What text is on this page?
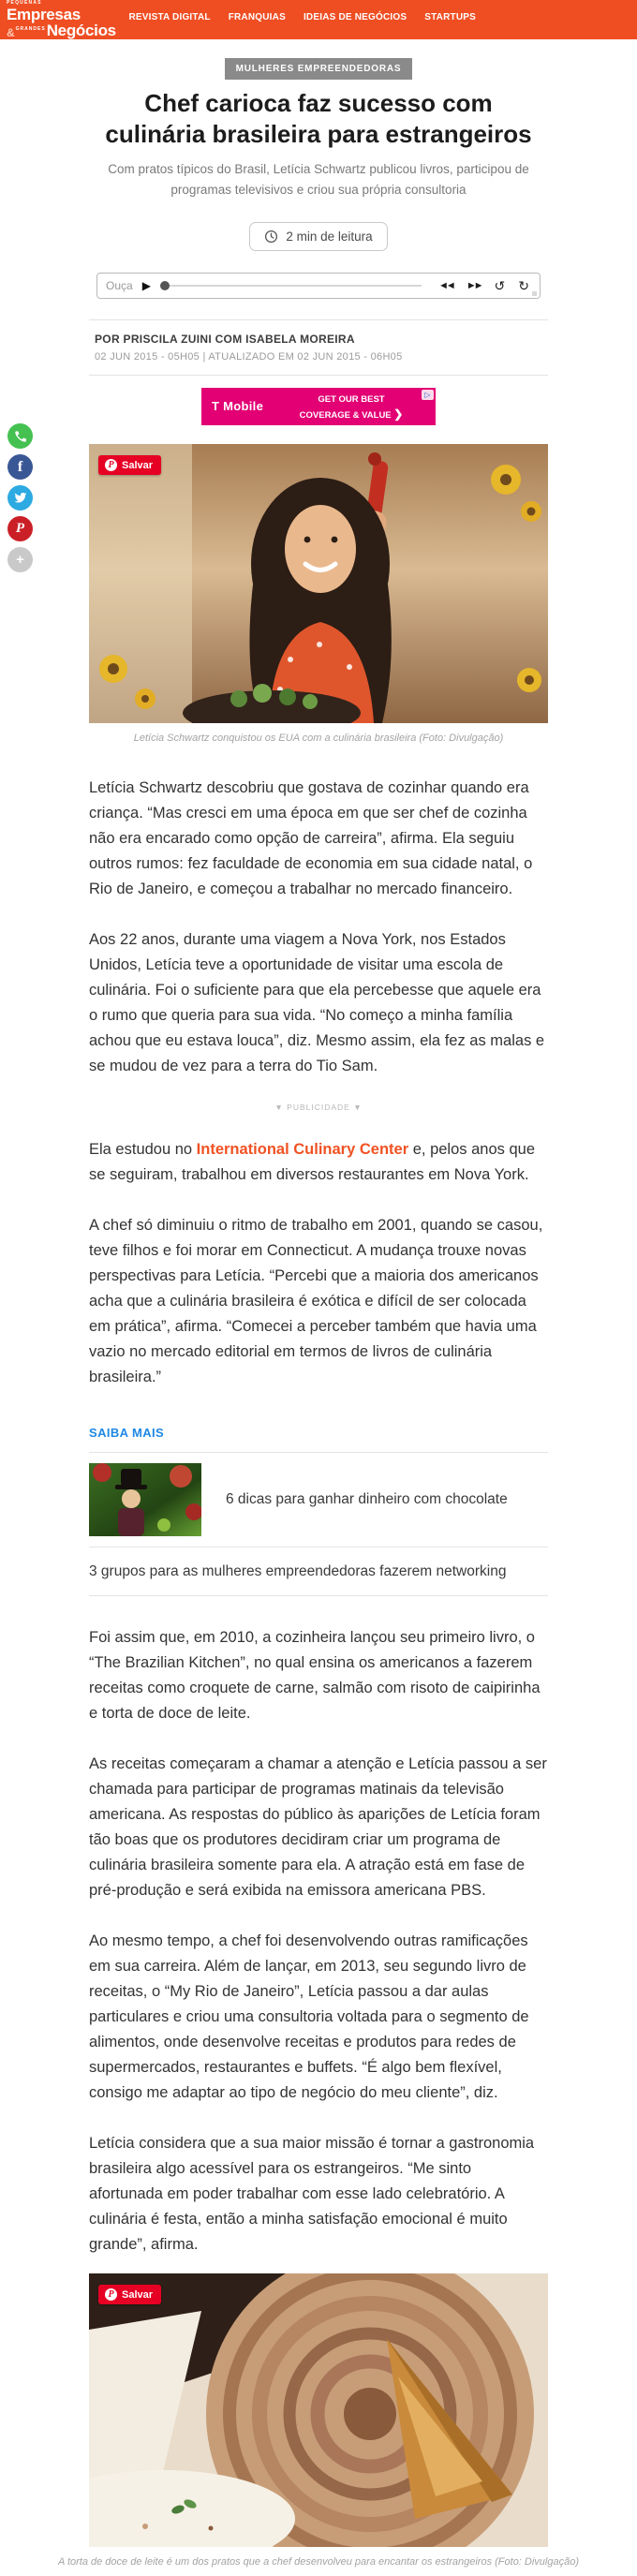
PEQUENAS
Empresas
& GRANDES Negócios
REVISTA DIGITAL FRANQUIAS IDEIAS DE NEGÓCIOS STARTUPS
MULHERES EMPREENDEDORAS
Chef carioca faz sucesso com
culinária brasileira para estrangeiros
Com pratos típicos do Brasil, Letícia Schwartz publicou livros, participou de programas televisivos e criou sua própria consultoria
2 min de leitura
Ouça ▶	◄◄ ►► ↺ ↻
POR PRISCILA ZUINI COM ISABELA MOREIRA
02 JUN 2015 - 05H05 | ATUALIZADO EM 02 JUN 2015 - 06H05
T Mobile	GET OUR BEST
COVERAGE & VALUE ❯
▷
f
P
+
P Salvar
Letícia Schwartz conquistou os EUA com a culinária brasileira (Foto: Divulgação)

Letícia Schwartz descobriu que gostava de cozinhar quando era criança. “Mas cresci em uma época em que ser chef de cozinha não era encarado como opção de carreira”, afirma. Ela seguiu outros rumos: fez faculdade de economia em sua cidade natal, o Rio de Janeiro, e começou a trabalhar no mercado financeiro.

Aos 22 anos, durante uma viagem a Nova York, nos Estados Unidos, Letícia teve a oportunidade de visitar uma escola de culinária. Foi o suficiente para que ela percebesse que aquele era o rumo que queria para sua vida. “No começo a minha família achou que eu estava louca”, diz. Mesmo assim, ela fez as malas e se mudou de vez para a terra do Tio Sam.

▼ PUBLICIDADE ▼

Ela estudou no International Culinary Center e, pelos anos que se seguiram, trabalhou em diversos restaurantes em Nova York.

A chef só diminuiu o ritmo de trabalho em 2001, quando se casou, teve filhos e foi morar em Connecticut. A mudança trouxe novas perspectivas para Letícia. “Percebi que a maioria dos americanos acha que a culinária brasileira é exótica e difícil de ser colocada em prática”, afirma. “Comecei a perceber também que havia uma vazio no mercado editorial em termos de livros de culinária brasileira.”

SAIBA MAIS
6 dicas para ganhar dinheiro com chocolate
3 grupos para as mulheres empreendedoras fazerem networking

Foi assim que, em 2010, a cozinheira lançou seu primeiro livro, o “The Brazilian Kitchen”, no qual ensina os americanos a fazerem receitas como croquete de carne, salmão com risoto de caipirinha e torta de doce de leite.

As receitas começaram a chamar a atenção e Letícia passou a ser chamada para participar de programas matinais da televisão americana. As respostas do público às aparições de Letícia foram tão boas que os produtores decidiram criar um programa de culinária brasileira somente para ela. A atração está em fase de pré-produção e será exibida na emissora americana PBS.

Ao mesmo tempo, a chef foi desenvolvendo outras ramificações em sua carreira. Além de lançar, em 2013, seu segundo livro de receitas, o “My Rio de Janeiro”, Letícia passou a dar aulas particulares e criou uma consultoria voltada para o segmento de alimentos, onde desenvolve receitas e produtos para redes de supermercados, restaurantes e buffets. “É algo bem flexível, consigo me adaptar ao tipo de negócio do meu cliente”, diz.

Letícia considera que a sua maior missão é tornar a gastronomia brasileira algo acessível para os estrangeiros. “Me sinto afortunada em poder trabalhar com esse lado celebratório. A culinária é festa, então a minha satisfação emocional é muito grande”, afirma.

P Salvar
A torta de doce de leite é um dos pratos que a chef desenvolveu para encantar os estrangeiros (Foto: Divulgação)
